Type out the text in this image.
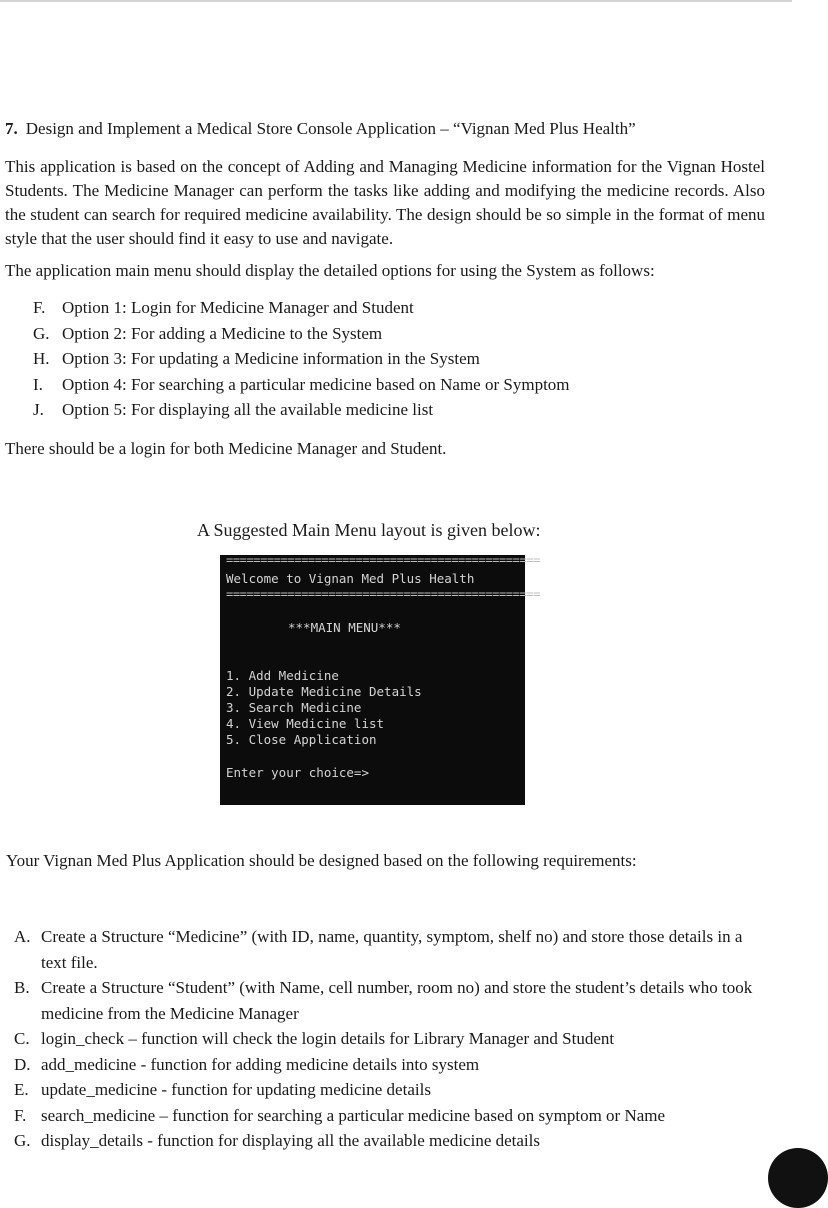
7. Design and Implement a Medical Store Console Application – “Vignan Med Plus Health”

This application is based on the concept of Adding and Managing Medicine information for the Vignan Hostel Students. The Medicine Manager can perform the tasks like adding and modifying the medicine records. Also the student can search for required medicine availability. The design should be so simple in the format of menu style that the user should find it easy to use and navigate.

The application main menu should display the detailed options for using the System as follows:

F. Option 1: Login for Medicine Manager and Student
G. Option 2: For adding a Medicine to the System
H. Option 3: For updating a Medicine information in the System
I.	Option 4: For searching a particular medicine based on Name or Symptom
J.	Option 5: For displaying all the available medicine list

There should be a login for both Medicine Manager and Student.

A Suggested Main Menu layout is given below:

==============================================
Welcome to Vignan Med Plus Health
==============================================
***MAIN MENU***
1. Add Medicine
2. Update Medicine Details
3. Search Medicine
4. View Medicine list
5. Close Application
Enter your choice=>

Your Vignan Med Plus Application should be designed based on the following requirements:

A. Create a Structure “Medicine” (with ID, name, quantity, symptom, shelf no) and store those details in a text file.
B. Create a Structure “Student” (with Name, cell number, room no) and store the student’s details who took medicine from the Medicine Manager
C. login_check – function will check the login details for Library Manager and Student
D. add_medicine - function for adding medicine details into system
E. update_medicine - function for updating medicine details
F. search_medicine – function for searching a particular medicine based on symptom or Name
G. display_details - function for displaying all the available medicine details
